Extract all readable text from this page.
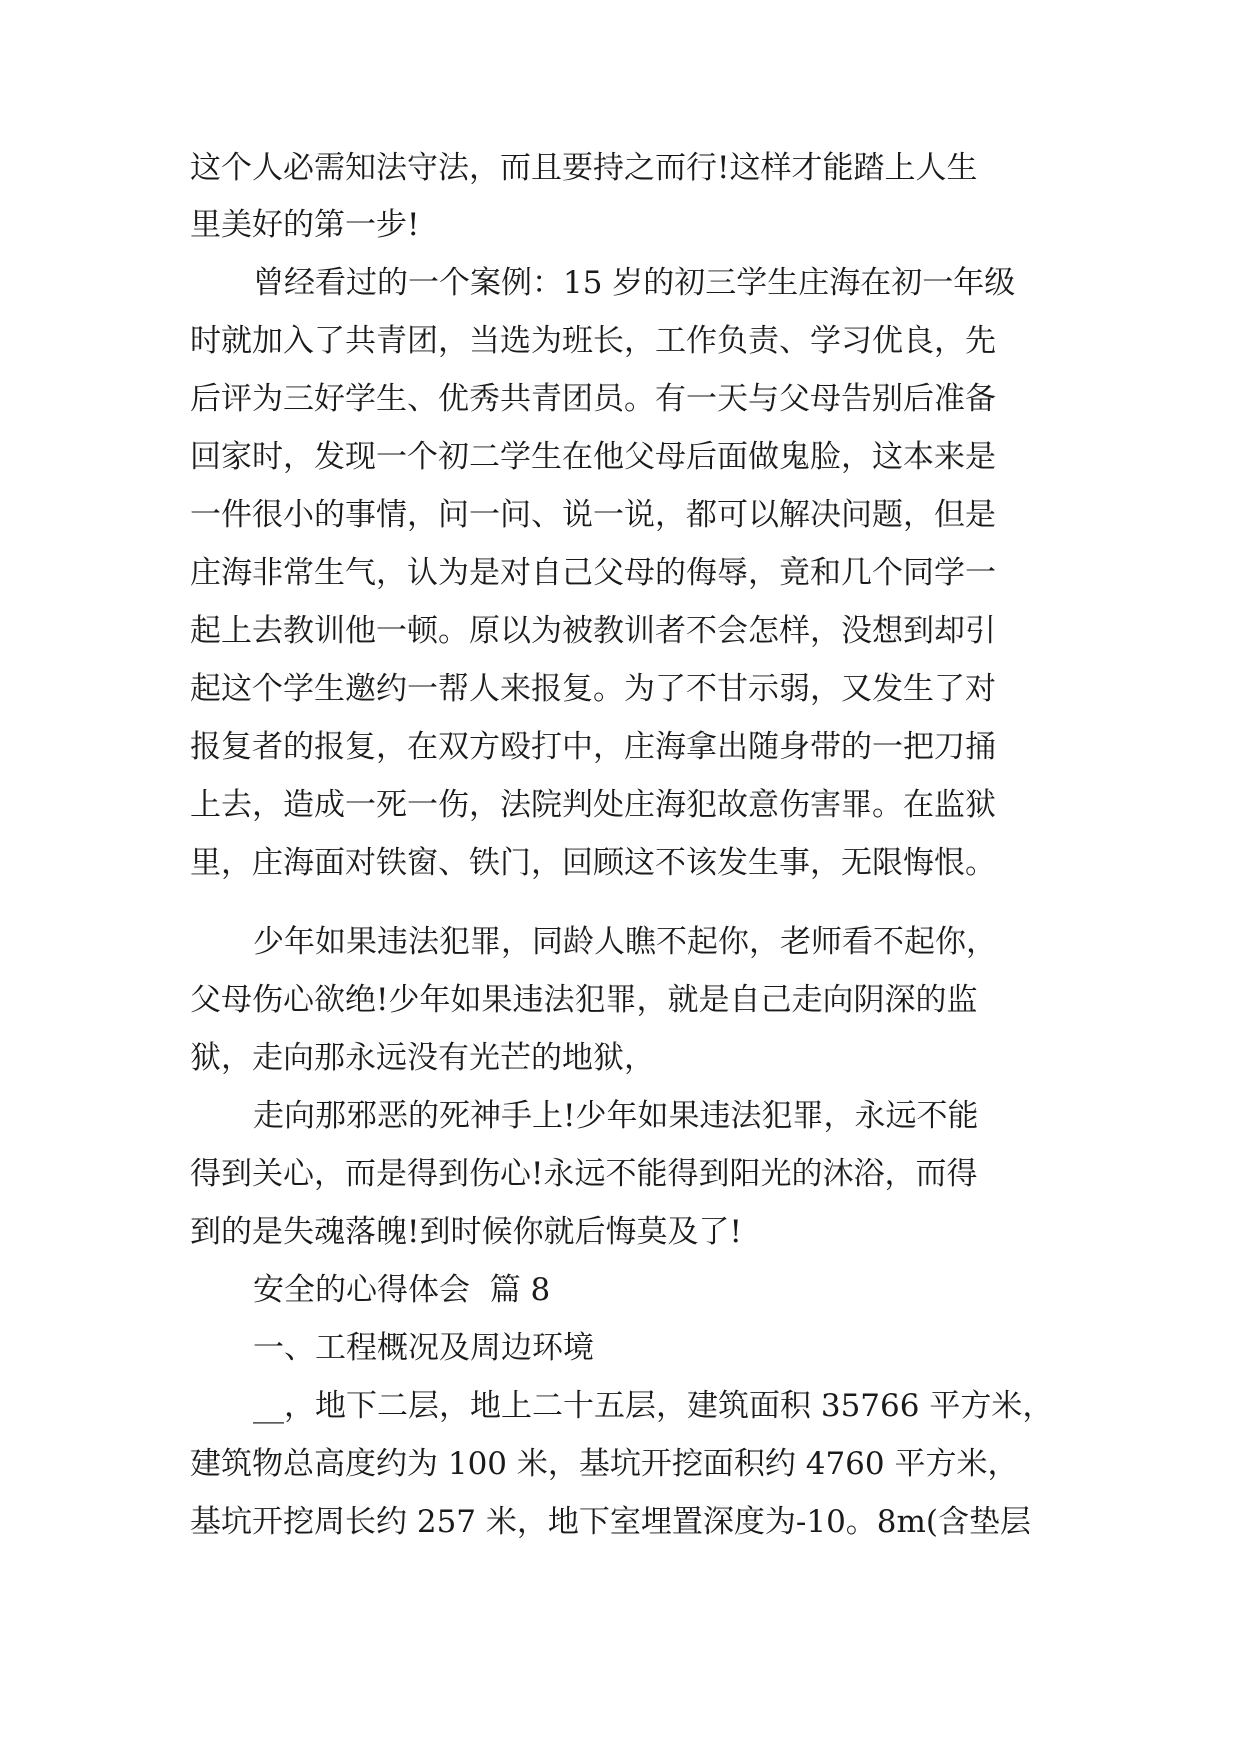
这个人必需知法守法，而且要持之而行!这样才能踏上人生
里美好的第一步!
曾经看过的一个案例：15 岁的初三学生庄海在初一年级
时就加入了共青团，当选为班长，工作负责、学习优良，先
后评为三好学生、优秀共青团员。有一天与父母告别后准备
回家时，发现一个初二学生在他父母后面做鬼脸，这本来是
一件很小的事情，问一问、说一说，都可以解决问题，但是
庄海非常生气，认为是对自己父母的侮辱，竟和几个同学一
起上去教训他一顿。原以为被教训者不会怎样，没想到却引
起这个学生邀约一帮人来报复。为了不甘示弱，又发生了对
报复者的报复，在双方殴打中，庄海拿出随身带的一把刀捅
上去，造成一死一伤，法院判处庄海犯故意伤害罪。在监狱
里，庄海面对铁窗、铁门，回顾这不该发生事，无限悔恨。
少年如果违法犯罪，同龄人瞧不起你，老师看不起你，
父母伤心欲绝!少年如果违法犯罪，就是自己走向阴深的监
狱，走向那永远没有光芒的地狱，
走向那邪恶的死神手上!少年如果违法犯罪，永远不能
得到关心，而是得到伤心!永远不能得到阳光的沐浴，而得
到的是失魂落魄!到时候你就后悔莫及了!
安全的心得体会  篇 8
一、工程概况及周边环境
__，地下二层，地上二十五层，建筑面积 35766 平方米，
建筑物总高度约为 100 米，基坑开挖面积约 4760 平方米，
基坑开挖周长约 257 米，地下室埋置深度为-10。8m(含垫层
